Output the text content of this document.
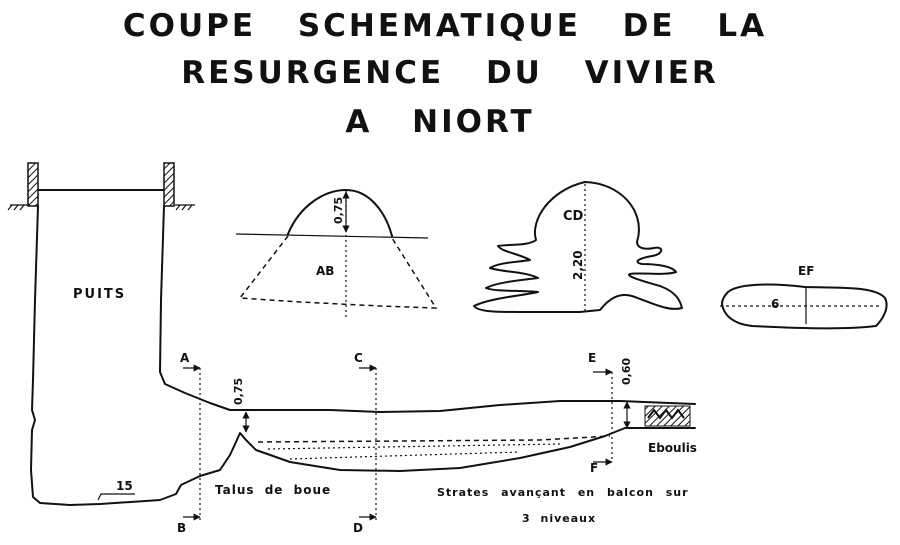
COUPE SCHEMATIQUE DE LA
RESURGENCE DU VIVIER
A NIORT
PUITS
AB
CD
EF
6
0,75
2,20
0,75
0,60
15
A
B
C
D
E
F
Eboulis
Talus de boue	Strates avançant en balcon sur
3 niveaux
